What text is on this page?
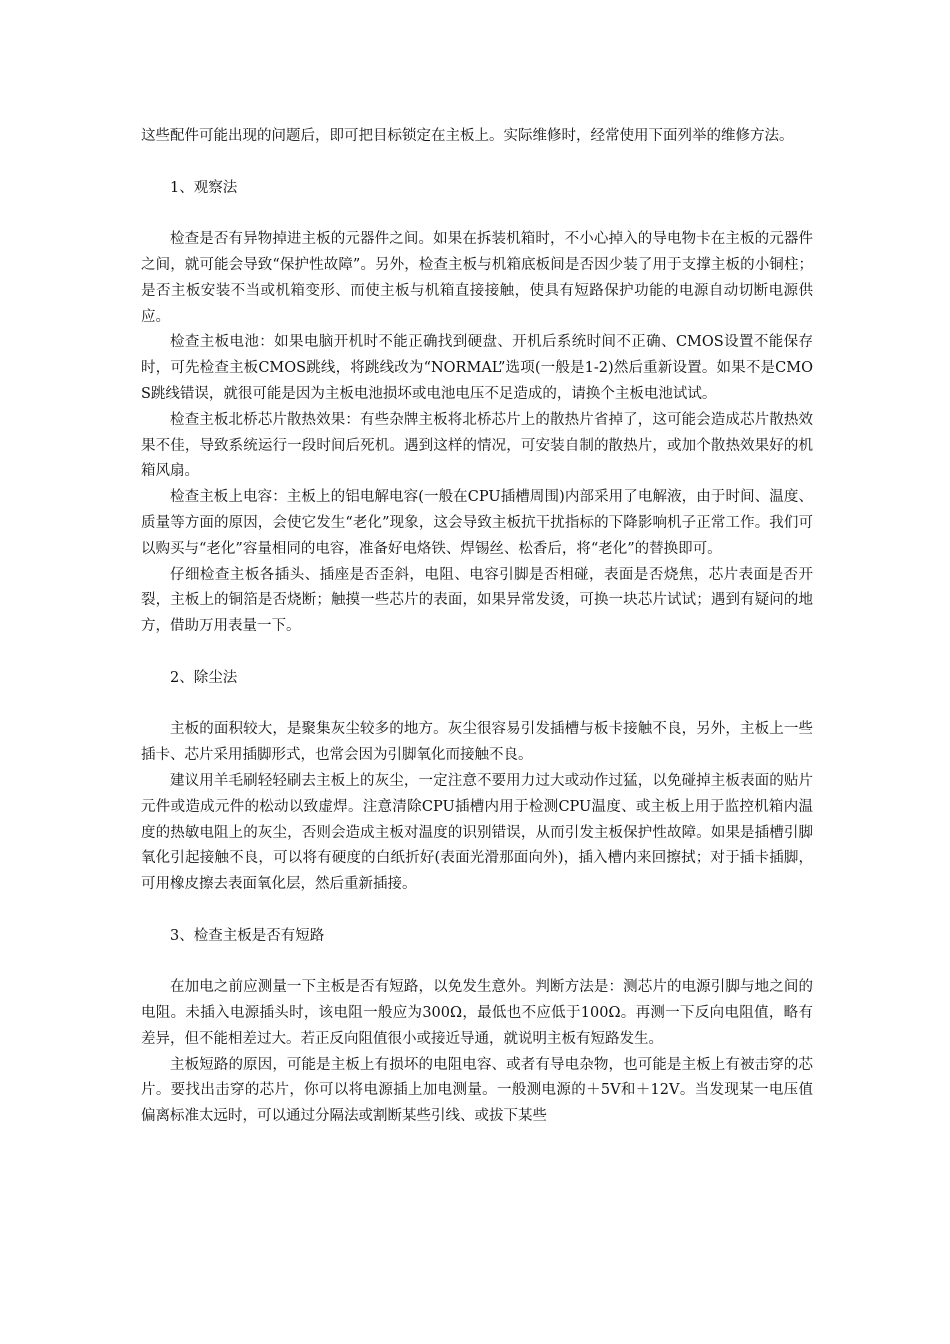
这些配件可能出现的问题后，即可把目标锁定在主板上。实际维修时，经常使用下面列举的维修方法。

1、观察法

检查是否有异物掉进主板的元器件之间。如果在拆装机箱时，不小心掉入的导电物卡在主板的元器件之间，就可能会导致“保护性故障”。另外，检查主板与机箱底板间是否因少装了用于支撑主板的小铜柱；是否主板安装不当或机箱变形、而使主板与机箱直接接触，使具有短路保护功能的电源自动切断电源供应。

检查主板电池：如果电脑开机时不能正确找到硬盘、开机后系统时间不正确、CMOS设置不能保存时，可先检查主板CMOS跳线，将跳线改为“NORMAL”选项(一般是1-2)然后重新设置。如果不是CMOS跳线错误，就很可能是因为主板电池损坏或电池电压不足造成的，请换个主板电池试试。

检查主板北桥芯片散热效果：有些杂牌主板将北桥芯片上的散热片省掉了，这可能会造成芯片散热效果不佳，导致系统运行一段时间后死机。遇到这样的情况，可安装自制的散热片，或加个散热效果好的机箱风扇。

检查主板上电容：主板上的铝电解电容(一般在CPU插槽周围)内部采用了电解液，由于时间、温度、质量等方面的原因，会使它发生“老化”现象，这会导致主板抗干扰指标的下降影响机子正常工作。我们可以购买与“老化”容量相同的电容，准备好电烙铁、焊锡丝、松香后，将“老化”的替换即可。

仔细检查主板各插头、插座是否歪斜，电阻、电容引脚是否相碰，表面是否烧焦，芯片表面是否开裂，主板上的铜箔是否烧断；触摸一些芯片的表面，如果异常发烫，可换一块芯片试试；遇到有疑问的地方，借助万用表量一下。

2、除尘法

主板的面积较大，是聚集灰尘较多的地方。灰尘很容易引发插槽与板卡接触不良，另外，主板上一些插卡、芯片采用插脚形式，也常会因为引脚氧化而接触不良。

建议用羊毛刷轻轻刷去主板上的灰尘，一定注意不要用力过大或动作过猛，以免碰掉主板表面的贴片元件或造成元件的松动以致虚焊。注意清除CPU插槽内用于检测CPU温度、或主板上用于监控机箱内温度的热敏电阻上的灰尘，否则会造成主板对温度的识别错误，从而引发主板保护性故障。如果是插槽引脚氧化引起接触不良，可以将有硬度的白纸折好(表面光滑那面向外)，插入槽内来回擦拭；对于插卡插脚，可用橡皮擦去表面氧化层，然后重新插接。

3、检查主板是否有短路

在加电之前应测量一下主板是否有短路，以免发生意外。判断方法是：测芯片的电源引脚与地之间的电阻。未插入电源插头时，该电阻一般应为300Ω，最低也不应低于100Ω。再测一下反向电阻值，略有差异，但不能相差过大。若正反向阻值很小或接近导通，就说明主板有短路发生。

主板短路的原因，可能是主板上有损坏的电阻电容、或者有导电杂物，也可能是主板上有被击穿的芯片。要找出击穿的芯片，你可以将电源插上加电测量。一般测电源的＋5V和＋12V。当发现某一电压值偏离标准太远时，可以通过分隔法或割断某些引线、或拔下某些
